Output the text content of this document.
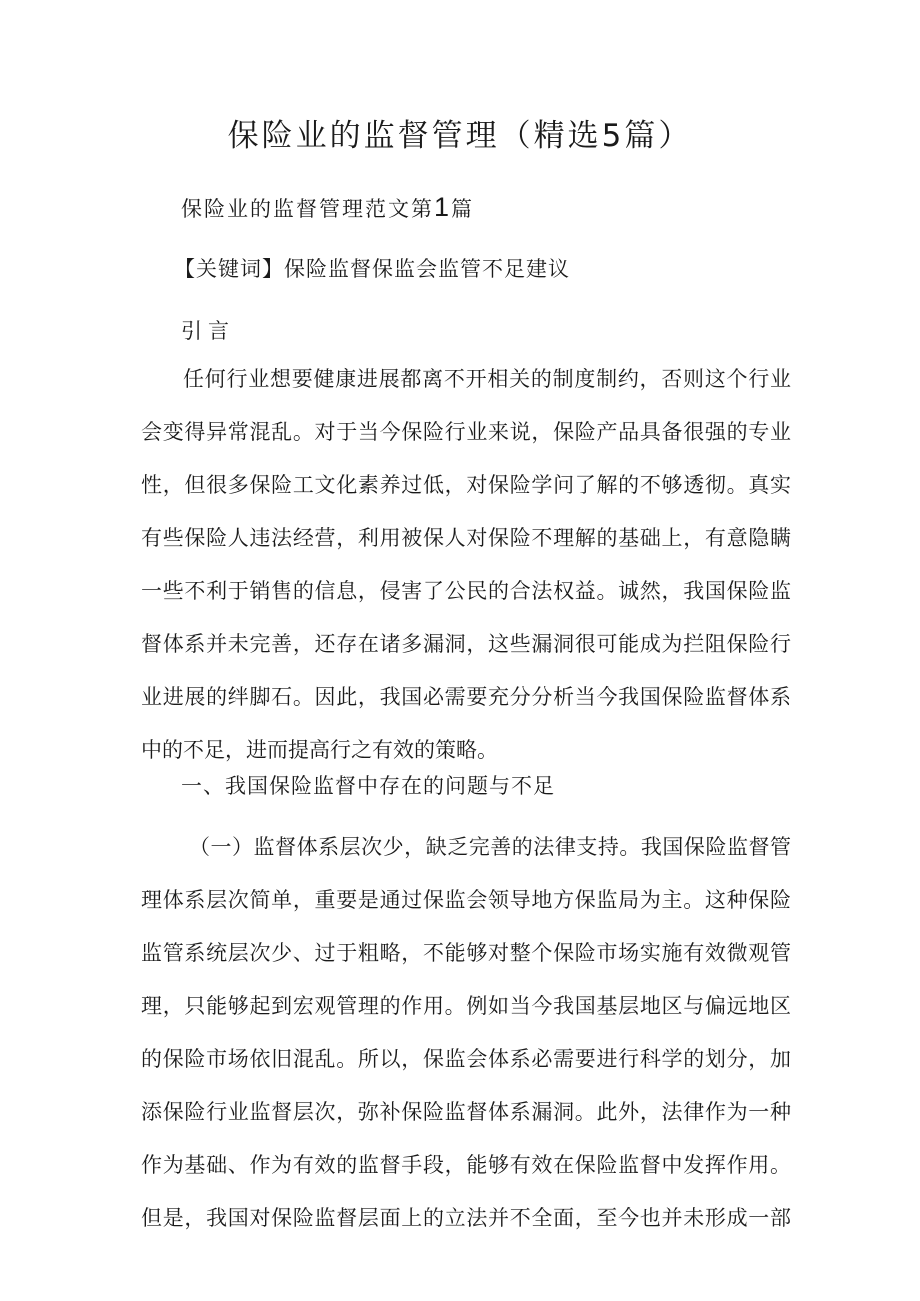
保险业的监督管理（精选5篇）
保险业的监督管理范文第1篇
【关键词】保险监督保监会监管不足建议
引言
任何行业想要健康进展都离不开相关的制度制约，否则这个行业
会变得异常混乱。对于当今保险行业来说，保险产品具备很强的专业
性，但很多保险工文化素养过低，对保险学问了解的不够透彻。真实
有些保险人违法经营，利用被保人对保险不理解的基础上，有意隐瞒
一些不利于销售的信息，侵害了公民的合法权益。诚然，我国保险监
督体系并未完善，还存在诸多漏洞，这些漏洞很可能成为拦阻保险行
业进展的绊脚石。因此，我国必需要充分分析当今我国保险监督体系
中的不足，进而提高行之有效的策略。
一、我国保险监督中存在的问题与不足
（一）监督体系层次少，缺乏完善的法律支持。我国保险监督管
理体系层次简单，重要是通过保监会领导地方保监局为主。这种保险
监管系统层次少、过于粗略，不能够对整个保险市场实施有效微观管
理，只能够起到宏观管理的作用。例如当今我国基层地区与偏远地区
的保险市场依旧混乱。所以，保监会体系必需要进行科学的划分，加
添保险行业监督层次，弥补保险监督体系漏洞。此外，法律作为一种
作为基础、作为有效的监督手段，能够有效在保险监督中发挥作用。
但是，我国对保险监督层面上的立法并不全面，至今也并未形成一部
